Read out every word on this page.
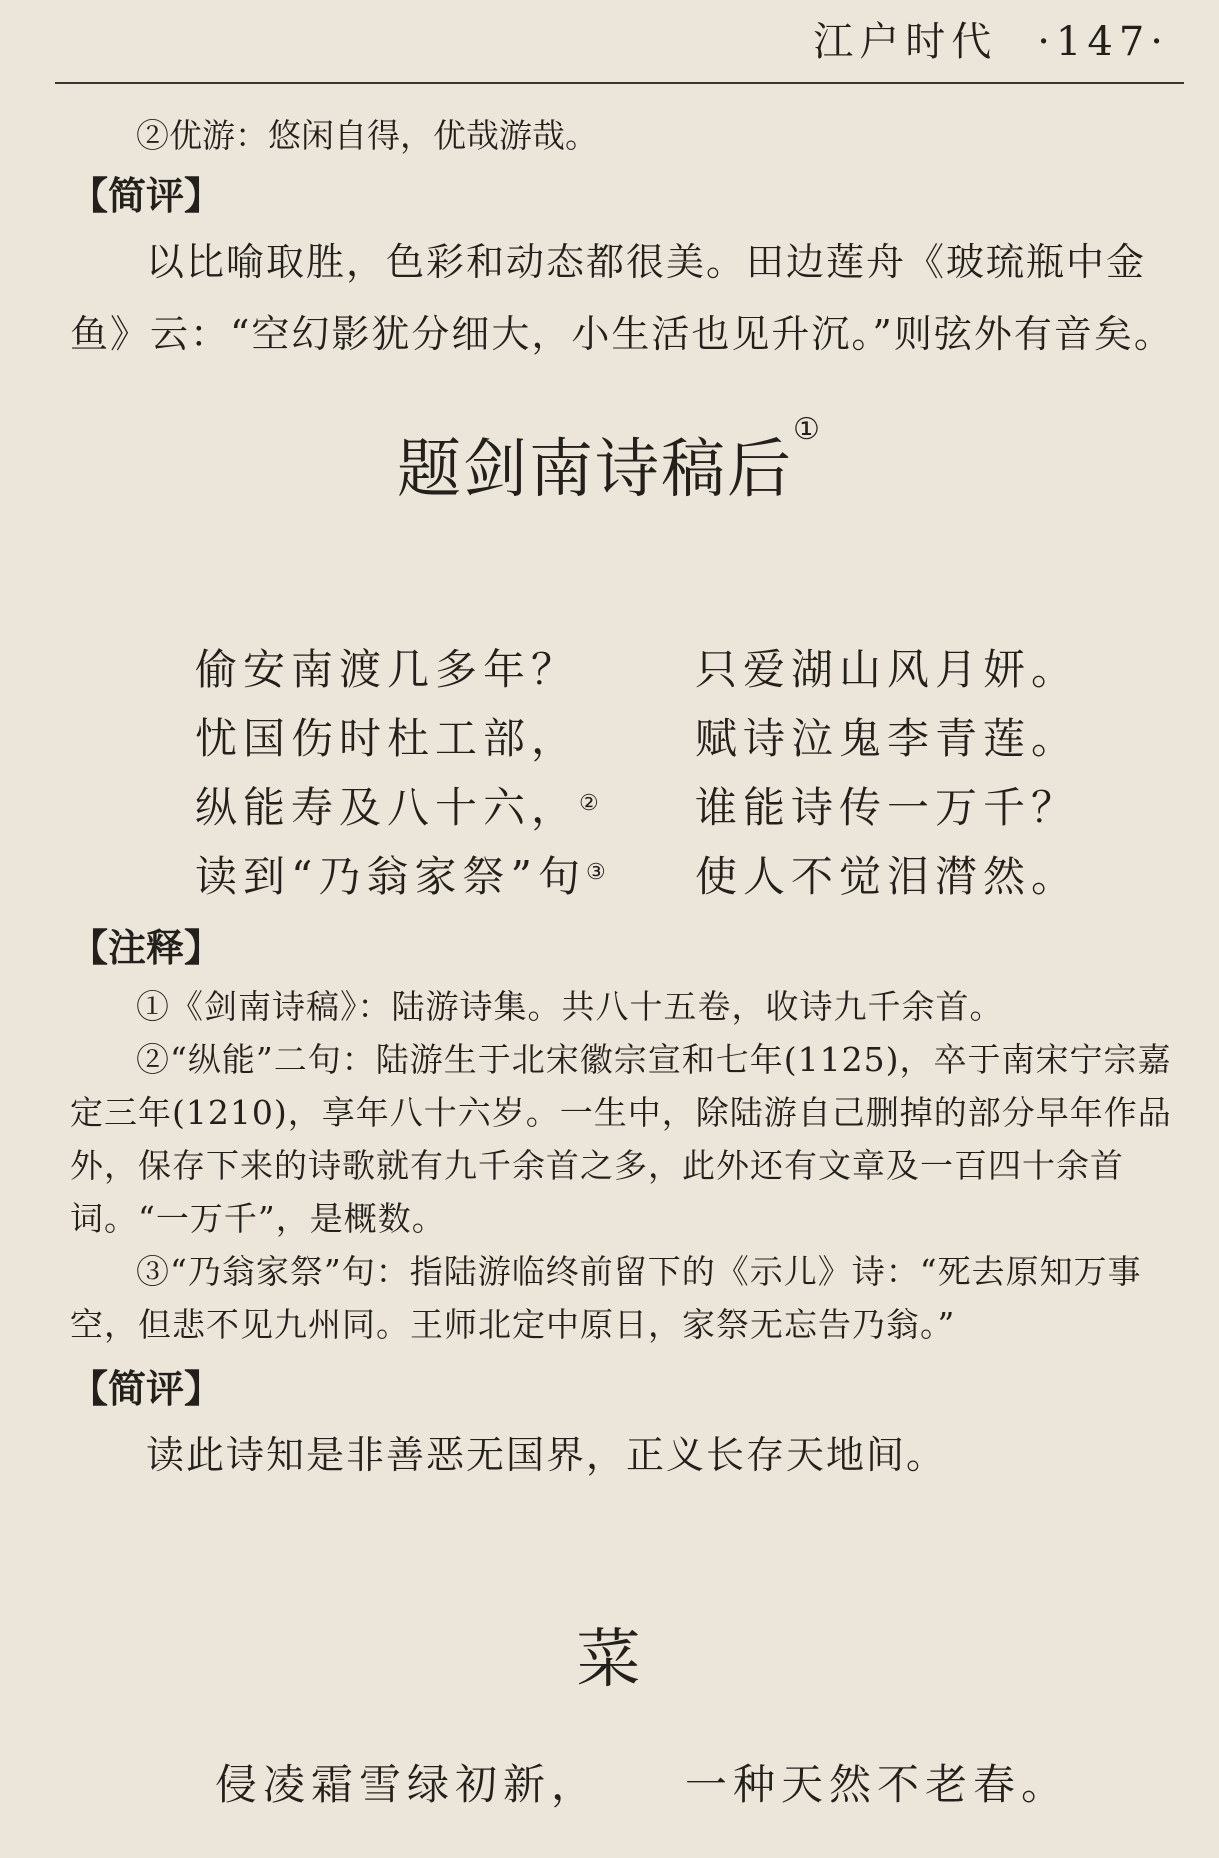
江户时代 ·147·
②优游：悠闲自得，优哉游哉。
【简评】
以比喻取胜，色彩和动态都很美。田边莲舟《玻琉瓶中金鱼》云：“空幻影犹分细大，小生活也见升沉。”则弦外有音矣。
题剑南诗稿后①
偷安南渡几多年？	只爱湖山风月妍。
忧国伤时杜工部，	赋诗泣鬼李青莲。
纵能寿及八十六，②	谁能诗传一万千？
读到“乃翁家祭”句③	使人不觉泪潸然。
【注释】
①《剑南诗稿》：陆游诗集。共八十五卷，收诗九千余首。
②“纵能”二句：陆游生于北宋徽宗宣和七年(1125)，卒于南宋宁宗嘉定三年(1210)，享年八十六岁。一生中，除陆游自己删掉的部分早年作品外，保存下来的诗歌就有九千余首之多，此外还有文章及一百四十余首词。“一万千”，是概数。
③“乃翁家祭”句：指陆游临终前留下的《示儿》诗：“死去原知万事空，但悲不见九州同。王师北定中原日，家祭无忘告乃翁。”
【简评】
读此诗知是非善恶无国界，正义长存天地间。
菜
侵凌霜雪绿初新，	一种天然不老春。
